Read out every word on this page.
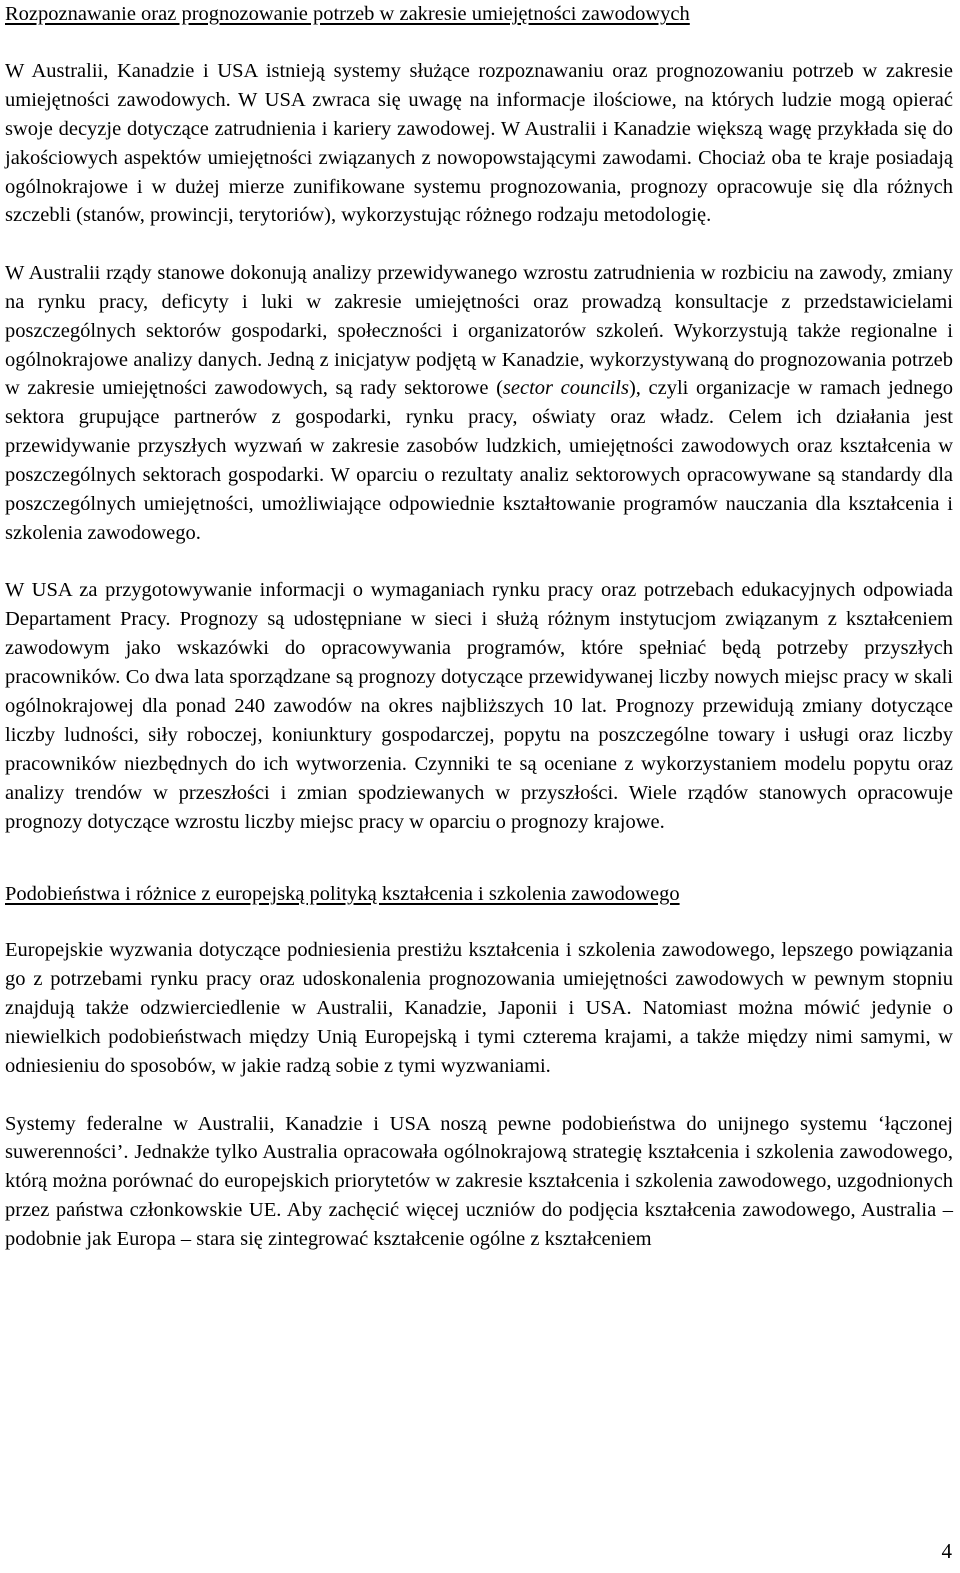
Rozpoznawanie oraz prognozowanie potrzeb w zakresie umiejętności zawodowych

W Australii, Kanadzie i USA istnieją systemy służące rozpoznawaniu oraz prognozowaniu potrzeb w zakresie umiejętności zawodowych. W USA zwraca się uwagę na informacje ilościowe, na których ludzie mogą opierać swoje decyzje dotyczące zatrudnienia i kariery zawodowej. W Australii i Kanadzie większą wagę przykłada się do jakościowych aspektów umiejętności związanych z nowopowstającymi zawodami. Chociaż oba te kraje posiadają ogólnokrajowe i w dużej mierze zunifikowane systemu prognozowania, prognozy opracowuje się dla różnych szczebli (stanów, prowincji, terytoriów), wykorzystując różnego rodzaju metodologię.

W Australii rządy stanowe dokonują analizy przewidywanego wzrostu zatrudnienia w rozbiciu na zawody, zmiany na rynku pracy, deficyty i luki w zakresie umiejętności oraz prowadzą konsultacje z przedstawicielami poszczególnych sektorów gospodarki, społeczności i organizatorów szkoleń. Wykorzystują także regionalne i ogólnokrajowe analizy danych. Jedną z inicjatyw podjętą w Kanadzie, wykorzystywaną do prognozowania potrzeb w zakresie umiejętności zawodowych, są rady sektorowe (sector councils), czyli organizacje w ramach jednego sektora grupujące partnerów z gospodarki, rynku pracy, oświaty oraz władz. Celem ich działania jest przewidywanie przyszłych wyzwań w zakresie zasobów ludzkich, umiejętności zawodowych oraz kształcenia w poszczególnych sektorach gospodarki. W oparciu o rezultaty analiz sektorowych opracowywane są standardy dla poszczególnych umiejętności, umożliwiające odpowiednie kształtowanie programów nauczania dla kształcenia i szkolenia zawodowego.

W USA za przygotowywanie informacji o wymaganiach rynku pracy oraz potrzebach edukacyjnych odpowiada Departament Pracy. Prognozy są udostępniane w sieci i służą różnym instytucjom związanym z kształceniem zawodowym jako wskazówki do opracowywania programów, które spełniać będą potrzeby przyszłych pracowników. Co dwa lata sporządzane są prognozy dotyczące przewidywanej liczby nowych miejsc pracy w skali ogólnokrajowej dla ponad 240 zawodów na okres najbliższych 10 lat. Prognozy przewidują zmiany dotyczące liczby ludności, siły roboczej, koniunktury gospodarczej, popytu na poszczególne towary i usługi oraz liczby pracowników niezbędnych do ich wytworzenia. Czynniki te są oceniane z wykorzystaniem modelu popytu oraz analizy trendów w przeszłości i zmian spodziewanych w przyszłości. Wiele rządów stanowych opracowuje prognozy dotyczące wzrostu liczby miejsc pracy w oparciu o prognozy krajowe.

Podobieństwa i różnice z europejską polityką kształcenia i szkolenia zawodowego

Europejskie wyzwania dotyczące podniesienia prestiżu kształcenia i szkolenia zawodowego, lepszego powiązania go z potrzebami rynku pracy oraz udoskonalenia prognozowania umiejętności zawodowych w pewnym stopniu znajdują także odzwierciedlenie w Australii, Kanadzie, Japonii i USA. Natomiast można mówić jedynie o niewielkich podobieństwach między Unią Europejską i tymi czterema krajami, a także między nimi samymi, w odniesieniu do sposobów, w jakie radzą sobie z tymi wyzwaniami.

Systemy federalne w Australii, Kanadzie i USA noszą pewne podobieństwa do unijnego systemu ‘łączonej suwerenności’. Jednakże tylko Australia opracowała ogólnokrajową strategię kształcenia i szkolenia zawodowego, którą można porównać do europejskich priorytetów w zakresie kształcenia i szkolenia zawodowego, uzgodnionych przez państwa członkowskie UE. Aby zachęcić więcej uczniów do podjęcia kształcenia zawodowego, Australia – podobnie jak Europa – stara się zintegrować kształcenie ogólne z kształceniem

4
